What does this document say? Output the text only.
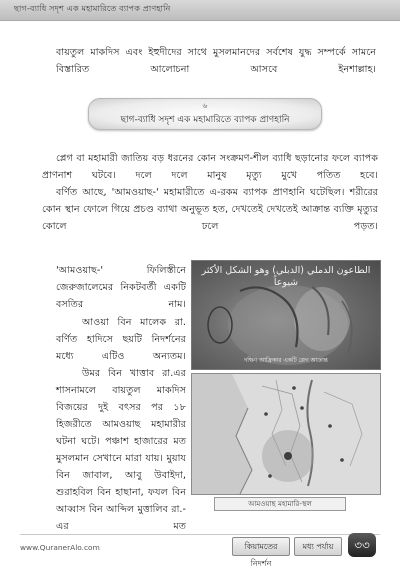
ছাগ-ব্যাধি সদৃশ এক মহামারিতে ব্যাপক প্রাণহানি
বায়তুল মাকদিস এবং ইহুদীদের সাথে মুসলমানদের সর্বশেষ যুদ্ধ সম্পর্কে সামনে বিস্তারিত আলোচনা আসবে ইনশাল্লাহ।
৬
ছাগ-ব্যাধি সদৃশ এক মহামারিতে ব্যাপক প্রাণহানি
প্লেগ বা মহামারী জাতিয় বড় ধরনের কোন সংক্রমণ-শীল ব্যাধি ছড়ানোর ফলে ব্যাপক প্রাণনাশ ঘটবে। দলে দলে মানুষ মৃত্যু মুখে পতিত হবে।
বর্ণিত আছে, 'আমওয়াছ-' মহামারীতে এ-রকম ব্যাপক প্রাণহানি ঘটেছিল। শরীরের কোন স্থান ফোলে গিয়ে প্রচণ্ড ব্যাথা অনুভূত হত, দেখতেই দেখতেই আক্রান্ত ব্যক্তি মৃত্যুর কোলে ঢলে পড়ত।
'আমওয়াছ-' ফিলিস্তীনে জেরুজালেমের নিকটবর্তী একটি বসতির নাম।
আওয়া বিন মালেক রা. বর্ণিত হাদিসে ছয়টি নিদর্শনের মধ্যে এটিও অন্যতম।
উমর বিন খাত্তাব রা.এর শাসনামলে বায়তুল মাকদিস বিজয়ের দুই বৎসর পর ১৮ হিজরীতে আমওয়াছ মহামারীর ঘটনা ঘটে। পঞ্চাশ হাজারের মত মুসলমান সেখানে মারা যায়। মুয়ায বিন জাবাল, আবু উবাইদা, শুরাহবিল বিন হাছানা, ফযল বিন আব্বাস বিন আব্দিল মুত্তালিব রা.-এর মত
الطاعون الدملي (الدبلي) وهو الشكل الأكثر شيوعاً
দক্ষিণ আফ্রিকার একটি প্লেগ আক্রান্ত
আমওয়াছ মহামারি-স্থল
www.QuranerAlo.com	কিয়ামতের নিদর্শন
মধ্য পর্যায়	৩৩
